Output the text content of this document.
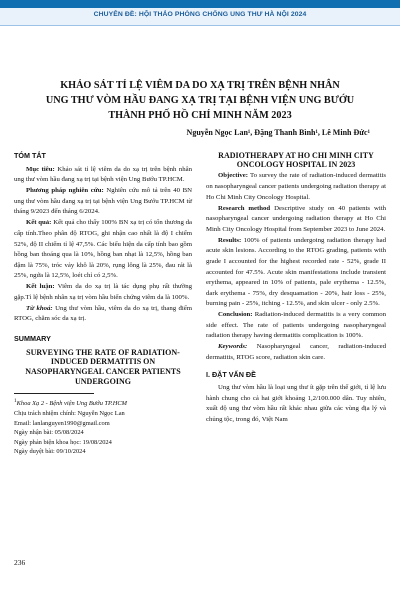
CHUYÊN ĐỀ: HỘI THẢO PHÒNG CHỐNG UNG THƯ HÀ NỘI 2024
KHẢO SÁT TỈ LỆ VIÊM DA DO XẠ TRỊ TRÊN BỆNH NHÂN
UNG THƯ VÒM HẦU ĐANG XẠ TRỊ TẠI BỆNH VIỆN UNG BƯỚU
THÀNH PHỐ HỒ CHÍ MINH NĂM 2023
Nguyễn Ngọc Lan¹, Đặng Thanh Bình¹, Lê Minh Đức¹
TÓM TẮT

Mục tiêu: Khảo sát tỉ lệ viêm da do xạ trị trên bệnh nhân ung thư vòm hầu đang xạ trị tại bệnh viện Ung Bướu TP.HCM.

Phương pháp nghiên cứu: Nghiên cứu mô tả trên 40 BN ung thư vòm hầu đang xạ trị tại bệnh viện Ung Bướu TP.HCM từ tháng 9/2023 đến tháng 6/2024.

Kết quả: Kết quả cho thấy 100% BN xạ trị có tổn thương da cấp tính.Theo phân độ RTOG, ghi nhận cao nhất là độ I chiếm 52%, độ II chiếm tỉ lệ 47,5%. Các biểu hiện da cấp tính bao gồm hồng ban thoáng qua là 10%, hồng ban nhạt là 12,5%, hồng ban đậm là 75%, tróc vảy khô là 20%, rụng lông là 25%, đau rát là 25%, ngứa là 12,5%, loét chỉ có 2,5%.

Kết luận: Viêm da do xạ trị là tác dụng phụ rất thường gặp.Tỉ lệ bệnh nhân xạ trị vòm hầu biến chứng viêm da là 100%.

Từ khoá: Ung thư vòm hầu, viêm da do xạ trị, thang điểm RTOG, chăm sóc da xạ trị.

SUMMARY
SURVEYING THE RATE OF RADIATION-INDUCED DERMATITIS ON NASOPHARYNGEAL CANCER PATIENTS UNDERGOING
$^1$Khoa Xạ 2 - Bệnh viện Ung Bướu TP.HCM
Chịu trách nhiệm chính: Nguyễn Ngọc Lan
Email: lanlanguyen1990@gmail.com
Ngày nhận bài: 05/08/2024
Ngày phản biện khoa học: 19/08/2024
Ngày duyệt bài: 09/10/2024
236
RADIOTHERAPY AT HO CHI MINH CITY ONCOLOGY HOSPITAL IN 2023

Objective: To survey the rate of radiation-induced dermatitis on nasopharyngeal cancer patients undergoing radiation therapy at Ho Chi Minh City Oncology Hospital.

Research method Descriptive study on 40 patients with nasopharyngeal cancer undergoing radiation therapy at Ho Chi Minh City Oncology Hospital from September 2023 to June 2024.

Results: 100% of patients undergoing radiation therapy had acute skin lesions. According to the RTOG grading, patients with grade I accounted for the highest recorded rate - 52%, grade II accounted for 47.5%. Acute skin manifestations include transient erythema, appeared in 10% of patients, pale erythema - 12.5%, dark erythema - 75%, dry desquamation - 20%, hair loss - 25%, burning pain - 25%, itching - 12.5%, and skin ulcer - only 2.5%.

Conclusion: Radiation-induced dermatitis is a very common side effect. The rate of patients undergoing nasopharyngeal radiation therapy having dermatitis complication is 100%.

Keywords: Nasopharyngeal cancer, radiation-induced dermatitis, RTOG score, radiation skin care.

I. ĐẶT VẤN ĐỀ

Ung thư vòm hầu là loại ung thư ít gặp trên thế giới, tỉ lệ lưu hành chung cho cả hai giới khoảng 1,2/100.000 dân. Tuy nhiên, xuất độ ung thư vòm hầu rất khác nhau giữa các vùng địa lý và chủng tộc, trong đó, Việt Nam
